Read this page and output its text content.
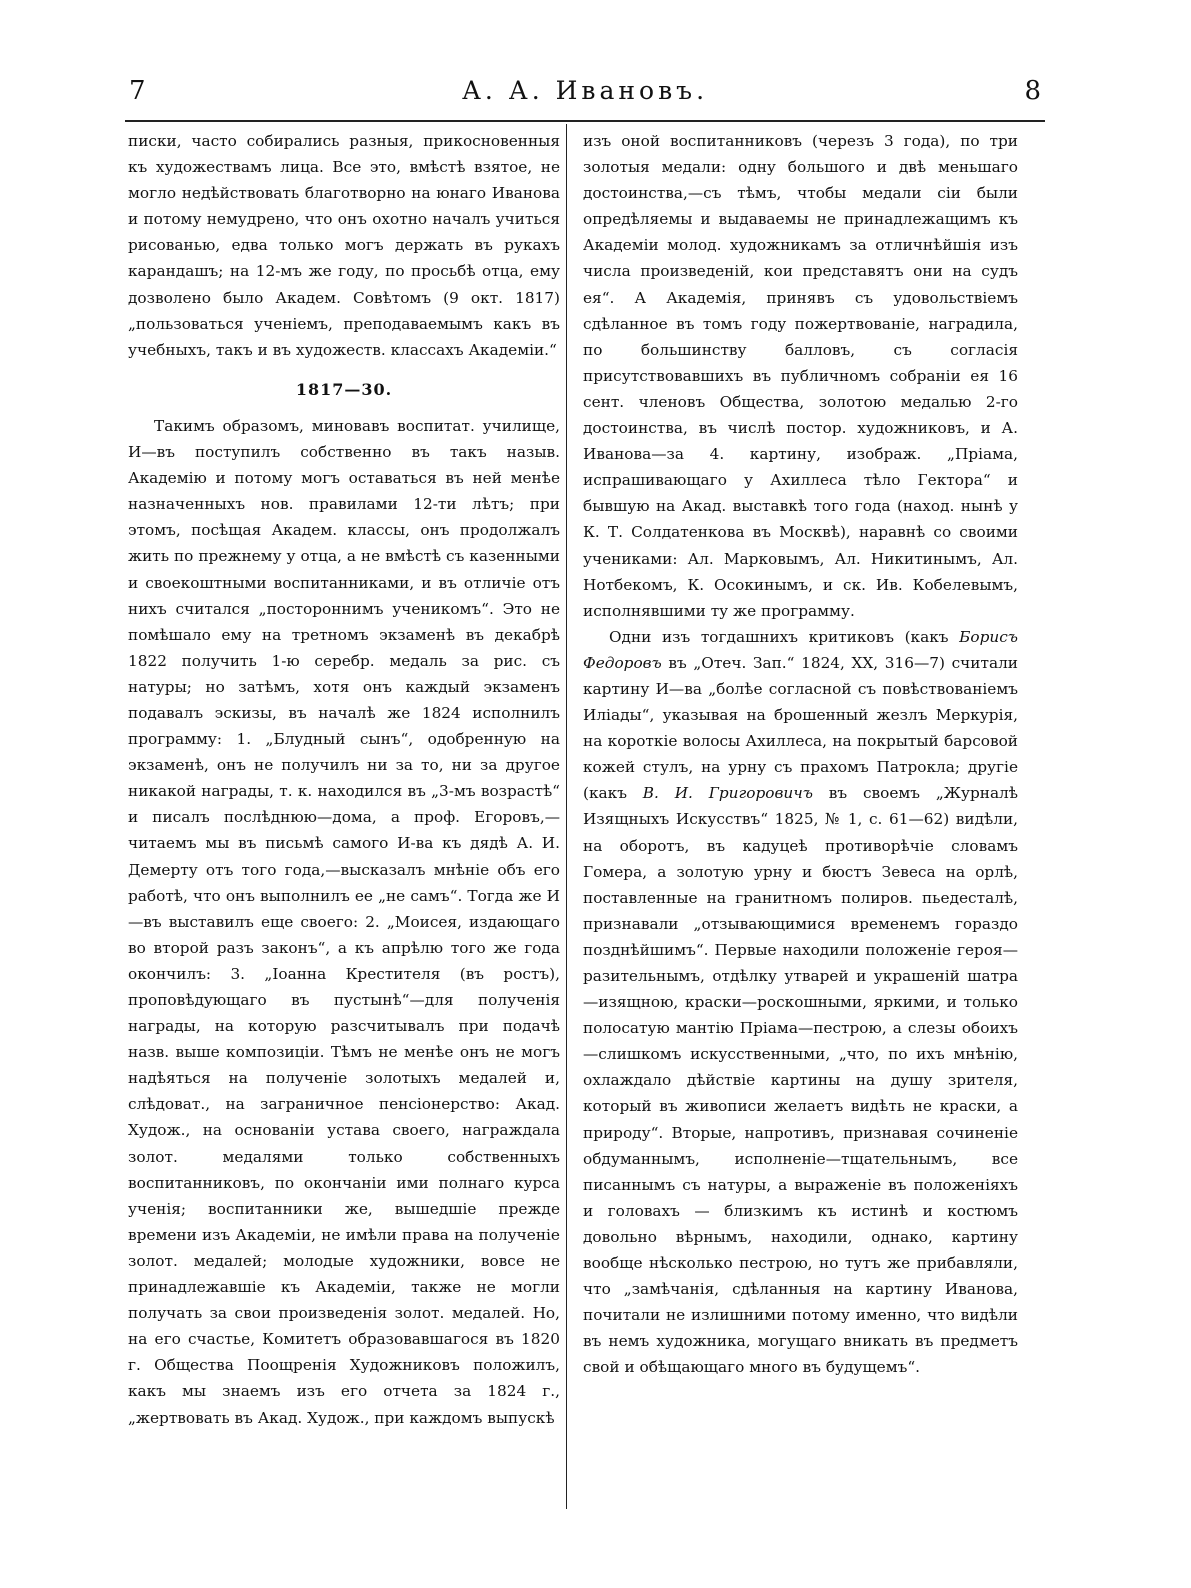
7	А. А. Ивановъ.	8

писки, часто собирались разныя, прикосновенныя къ художествамъ лица. Все это, вмѣстѣ взятое, не могло недѣйствовать благотворно на юнаго Иванова и потому немудрено, что онъ охотно началъ учиться рисованью, едва только могъ держать въ рукахъ карандашъ; на 12-мъ же году, по просьбѣ отца, ему дозволено было Академ. Совѣтомъ (9 окт. 1817) „пользоваться ученiемъ, преподаваемымъ какъ въ учебныхъ, такъ и въ художеств. классахъ Академiи.“

1817—30.

Такимъ образомъ, миновавъ воспитат. училище, И—въ поступилъ собственно въ такъ назыв. Академiю и потому могъ оставаться въ ней менѣе назначенныхъ нов. правилами 12-ти лѣтъ; при этомъ, посѣщая Академ. классы, онъ продолжалъ жить по прежнему у отца, а не вмѣстѣ съ казенными и своекоштными воспитанниками, и въ отличiе отъ нихъ считался „постороннимъ ученикомъ“. Это не помѣшало ему на третномъ экзаменѣ въ декабрѣ 1822 получить 1-ю серебр. медаль за рис. съ натуры; но затѣмъ, хотя онъ каждый экзаменъ подавалъ эскизы, въ началѣ же 1824 исполнилъ программу: 1. „Блудный сынъ“, одобренную на экзаменѣ, онъ не получилъ ни за то, ни за другое никакой награды, т. к. находился въ „3-мъ возрастѣ“ и писалъ послѣднюю—дома, а проф. Егоровъ,—читаемъ мы въ письмѣ самого И-ва къ дядѣ А. И. Демерту отъ того года,—высказалъ мнѣнiе объ его работѣ, что онъ выполнилъ ее „не самъ“. Тогда же И—въ выставилъ еще своего: 2. „Моисея, издающаго во второй разъ законъ“, а къ апрѣлю того же года окончилъ: 3. „Iоанна Крестителя (въ ростъ), проповѣдующаго въ пустынѣ“—для полученiя награды, на которую разсчитывалъ при подачѣ назв. выше композицiи. Тѣмъ не менѣе онъ не могъ надѣяться на полученiе золотыхъ медалей и, слѣдоват., на заграничное пенсiонерство: Акад. Худож., на основанiи устава своего, награждала золот. медалями только собственныхъ воспитанниковъ, по окончанiи ими полнаго курса ученiя; воспитанники же, вышедшiе прежде времени изъ Академiи, не имѣли права на полученiе золот. медалей; молодые художники, вовсе не принадлежавшiе къ Академiи, также не могли получать за свои произведенiя золот. медалей. Но, на его счастье, Комитетъ образовавшагося въ 1820 г. Общества Поощренiя Художниковъ положилъ, какъ мы знаемъ изъ его отчета за 1824 г., „жертвовать въ Акад. Худож., при каждомъ выпускѣ

изъ оной воспитанниковъ (черезъ 3 года), по три золотыя медали: одну большого и двѣ меньшаго достоинства,—съ тѣмъ, чтобы медали сiи были опредѣляемы и выдаваемы не принадлежащимъ къ Академiи молод. художникамъ за отличнѣйшiя изъ числа произведенiй, кои представятъ они на судъ ея“. А Академiя, принявъ съ удовольствiемъ сдѣланное въ томъ году пожертвованiе, наградила, по большинству балловъ, съ согласiя присутствовавшихъ въ публичномъ собранiи ея 16 сент. членовъ Общества, золотою медалью 2-го достоинства, въ числѣ постор. художниковъ, и А. Иванова—за 4. картину, изображ. „Прiама, испрашивающаго у Ахиллеса тѣло Гектора“ и бывшую на Акад. выставкѣ того года (наход. нынѣ у К. Т. Солдатенкова въ Москвѣ), наравнѣ со своими учениками: Ал. Марковымъ, Ал. Никитинымъ, Ал. Нотбекомъ, К. Осокинымъ, и ск. Ив. Кобелевымъ, исполнявшими ту же программу.

Одни изъ тогдашнихъ критиковъ (какъ Борисъ Федоровъ въ „Отеч. Зап.“ 1824, XX, 316—7) считали картину И—ва „болѣе согласной съ повѣствованiемъ Илiады“, указывая на брошенный жезлъ Меркурiя, на короткiе волосы Ахиллеса, на покрытый барсовой кожей стулъ, на урну съ прахомъ Патрокла; другiе (какъ В. И. Григоровичъ въ своемъ „Журналѣ Изящныхъ Искусствъ“ 1825, № 1, с. 61—62) видѣли, на оборотъ, въ кадуцеѣ противорѣчiе словамъ Гомера, а золотую урну и бюстъ Зевеса на орлѣ, поставленные на гранитномъ полиров. пьедесталѣ, признавали „отзывающимися временемъ гораздо позднѣйшимъ“. Первые находили положенiе героя—разительнымъ, отдѣлку утварей и украшенiй шатра—изящною, краски—роскошными, яркими, и только полосатую мантiю Прiама—пестрою, а слезы обоихъ—слишкомъ искусственными, „что, по ихъ мнѣнiю, охлаждало дѣйствiе картины на душу зрителя, который въ живописи желаетъ видѣть не краски, а природу“. Вторые, напротивъ, признавая сочиненiе обдуманнымъ, исполненiе—тщательнымъ, все писаннымъ съ натуры, а выраженiе въ положенiяхъ и головахъ — близкимъ къ истинѣ и костюмъ довольно вѣрнымъ, находили, однако, картину вообще нѣсколько пестрою, но тутъ же прибавляли, что „замѣчанiя, сдѣланныя на картину Иванова, почитали не излишними потому именно, что видѣли въ немъ художника, могущаго вникать въ предметъ свой и обѣщающаго много въ будущемъ“.
